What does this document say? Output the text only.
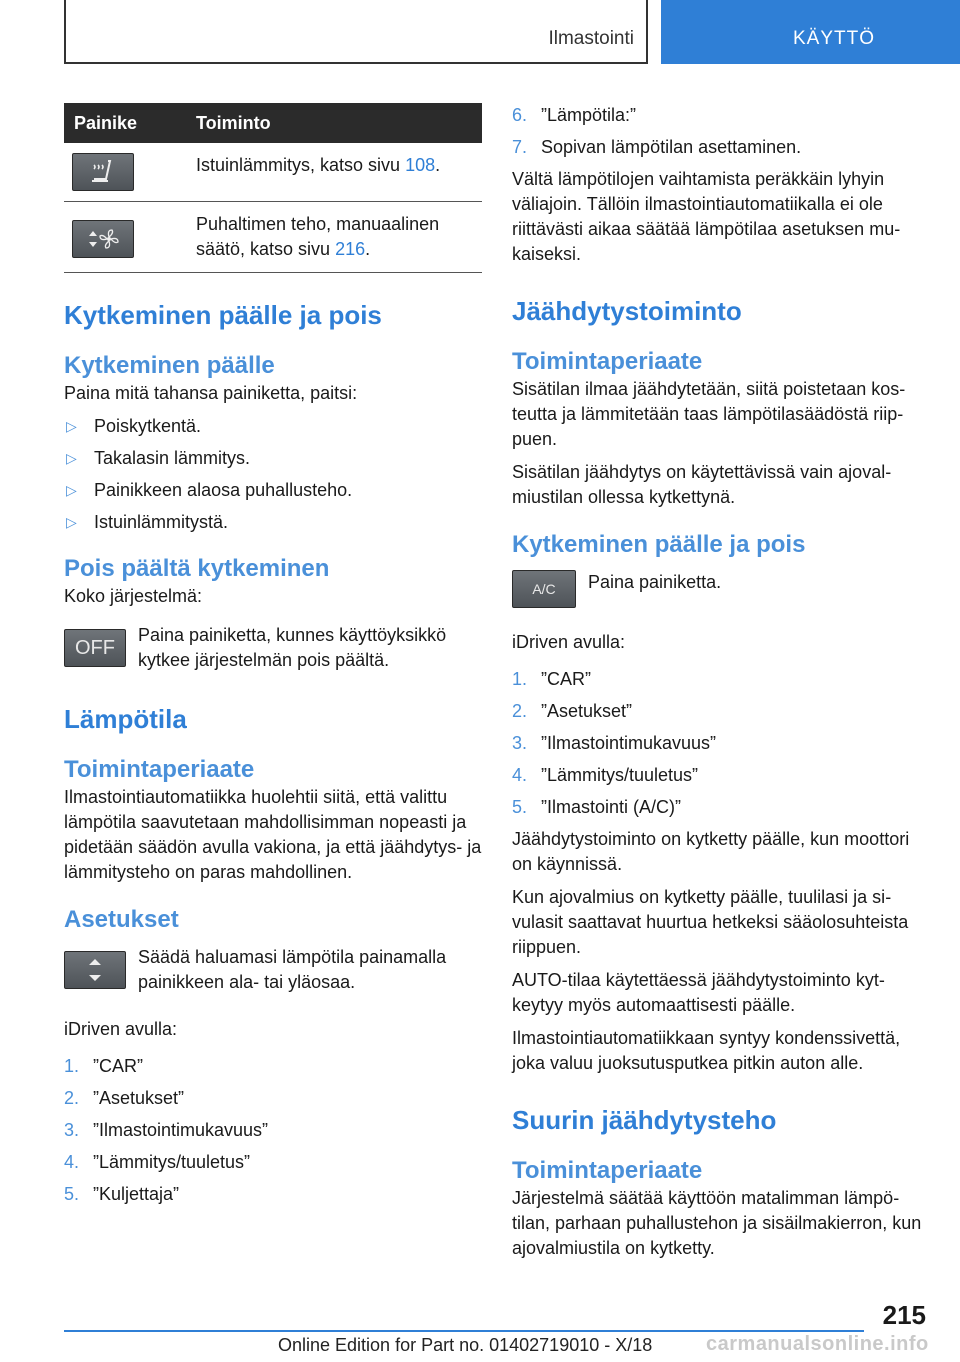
Ilmastointi	KÄYTTÖ
Painike	Toiminto

	Istuinlämmitys, katso sivu 108.

	Puhaltimen teho, manuaalinen säätö, katso sivu 216.
Kytkeminen päälle ja pois
Kytkeminen päälle

Paina mitä tahansa painiketta, paitsi:

▷ Poiskytkentä.
▷ Takalasin lämmitys.
▷ Painikkeen alaosa puhallusteho.
▷ Istuinlämmitystä.
Pois päältä kytkeminen

Koko järjestelmä:

OFF

Paina painiketta, kunnes käyttöyksikkö kytkee järjestelmän pois päältä.

Lämpötila
Toimintaperiaate

Ilmastointiautomatiikka huolehtii siitä, että valittu lämpötila saavutetaan mahdollisimman nopeasti ja pidetään säädön avulla vakiona, ja että jäähdytys- ja lämmitysteho on paras mahdollinen.

Asetukset

Säädä haluamasi lämpötila painamalla painikkeen ala- tai yläosaa.

iDriven avulla:

1. ”CAR”
2. ”Asetukset”
3. ”Ilmastointimukavuus”
4. ”Lämmitys/tuuletus”
5. ”Kuljettaja”
6. ”Lämpötila:”
7. Sopivan lämpötilan asettaminen.

Vältä lämpötilojen vaihtamista peräkkäin lyhyin väliajoin. Tällöin ilmastointiautomatiikalla ei ole riittävästi aikaa säätää lämpötilaa asetuksen mukaiseksi.

Jäähdytystoiminto
Toimintaperiaate

Sisätilan ilmaa jäähdytetään, siitä poistetaan kosteutta ja lämmitetään taas lämpötilasäädöstä riippuen.

Sisätilan jäähdytys on käytettävissä vain ajovalmiustilan ollessa kytkettynä.

Kytkeminen päälle ja pois
A/C Paina painiketta.

iDriven avulla:

1. ”CAR”
2. ”Asetukset”
3. ”Ilmastointimukavuus”
4. ”Lämmitys/tuuletus”
5. ”Ilmastointi (A/C)”

Jäähdytystoiminto on kytketty päälle, kun moottori on käynnissä.

Kun ajovalmius on kytketty päälle, tuulilasi ja sivulasit saattavat huurtua hetkeksi sääolosuhteista riippuen.

AUTO-tilaa käytettäessä jäähdytystoiminto kytkeytyy myös automaattisesti päälle.

Ilmastointiautomatiikkaan syntyy kondenssivettä, joka valuu juoksutusputkea pitkin auton alle.

Suurin jäähdytysteho
Toimintaperiaate

Järjestelmä säätää käyttöön matalimman lämpötilan, parhaan puhallustehon ja sisäilmakierron, kun ajovalmiustila on kytketty.

215
Online Edition for Part no. 01402719010 - X/18	carmanualsonline.info
